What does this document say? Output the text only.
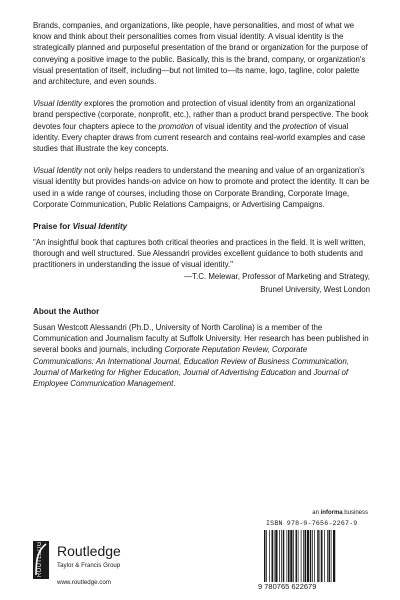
Brands, companies, and organizations, like people, have personalities, and most of what we know and think about their personalities comes from visual identity. A visual identity is the strategically planned and purposeful presentation of the brand or organization for the purpose of conveying a positive image to the public. Basically, this is the brand, company, or organization's visual presentation of itself, including—but not limited to—its name, logo, tagline, color palette and architecture, and even sounds.

Visual Identity explores the promotion and protection of visual identity from an organizational brand perspective (corporate, nonprofit, etc.), rather than a product brand perspective. The book devotes four chapters apiece to the promotion of visual identity and the protection of visual identity. Every chapter draws from current research and contains real-world examples and case studies that illustrate the key concepts.

Visual Identity not only helps readers to understand the meaning and value of an organization's visual identity but provides hands-on advice on how to promote and protect the identity. It can be used in a wide range of courses, including those on Corporate Branding, Corporate Image, Corporate Communication, Public Relations Campaigns, or Advertising Campaigns.

Praise for Visual Identity

"An insightful book that captures both critical theories and practices in the field. It is well written, thorough and well structured. Sue Alessandri provides excellent guidance to both students and practitioners in understanding the issue of visual identity."

—T.C. Melewar, Professor of Marketing and Strategy,

Brunel University, West London

About the Author

Susan Westcott Alessandri (Ph.D., University of North Carolina) is a member of the Communication and Journalism faculty at Suffolk University. Her research has been published in several books and journals, including Corporate Reputation Review, Corporate Communications: An International Journal, Education Review of Business Communication, Journal of Marketing for Higher Education, Journal of Advertising Education and Journal of Employee Communication Management.

ROUTLEDGE Routledge
Taylor & Francis Group
www.routledge.com
an informa business
ISBN 978-0-7656-2267-9
9 780765 622679
